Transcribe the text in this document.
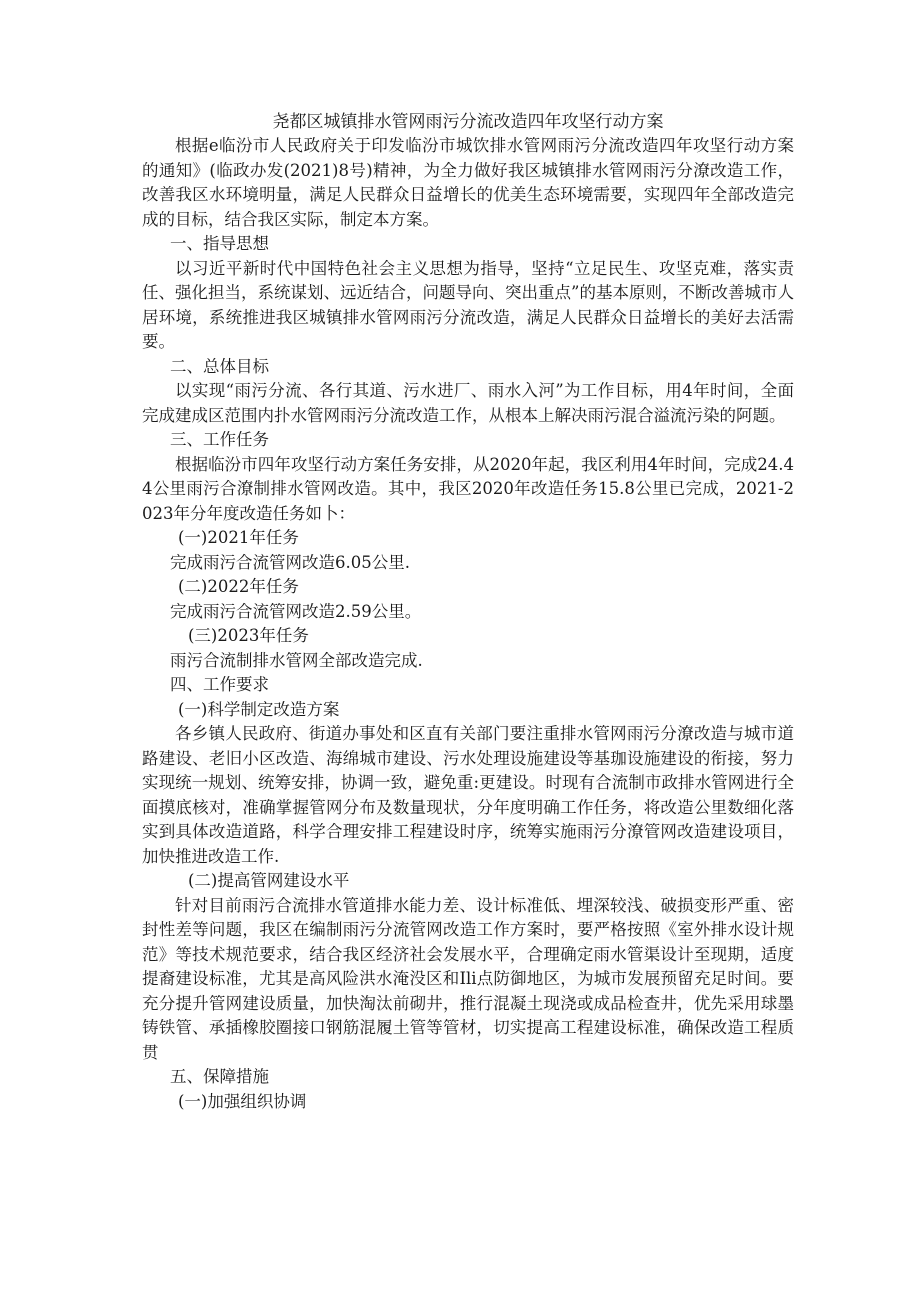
尧都区城镇排水管网雨污分流改造四年攻坚行动方案

根据e临汾市人民政府关于印发临汾市城饮排水管网雨污分流改造四年攻坚行动方案的通知》(临政办发(2021)8号)精神，为全力做好我区城镇排水管网雨污分潦改造工作，改善我区水环境明量，满足人民群众日益增长的优美生态环境需要，实现四年全部改造完成的目标，结合我区实际，制定本方案。

一、指导思想

以习近平新时代中国特色社会主义思想为指导，坚持“立足民生、攻坚克难，落实责任、强化担当，系统谋划、远近结合，问题导向、突出重点”的基本原则，不断改善城市人居环境，系统推进我区城镇排水管网雨污分流改造，满足人民群众日益增长的美好去活需要。

二、总体目标

以实现“雨污分流、各行其道、污水进厂、雨水入河”为工作目标，用4年时间，全面完成建成区范围内扑水管网雨污分流改造工作，从根本上解决雨污混合溢流污染的阿题。

三、工作任务

根据临汾市四年攻坚行动方案任务安排，从2020年起，我区利用4年时间，完成24.44公里雨污合潦制排水管网改造。其中，我区2020年改造任务15.8公里已完成，2021-2023年分年度改造任务如卜：

(一)2021年任务
完成雨污合流管网改造6.05公里.
(二)2022年任务
完成雨污合流管网改造2.59公里。
(三)2023年任务
雨污合流制排水管网全部改造完成.
四、工作要求
(一)科学制定改造方案

各乡镇人民政府、街道办事处和区直有关部门要注重排水管网雨污分潦改造与城市道路建设、老旧小区改造、海绵城市建设、污水处理设施建设等基珈设施建设的衔接，努力实现统一规划、统筹安排，协调一致，避免重:更建设。时现有合流制市政排水管网进行全面摸底核对，准确掌握管网分布及数量现状，分年度明确工作任务，将改造公里数细化落实到具体改造道路，科学合理安排工程建设时序，统筹实施雨污分潦管网改造建设项目，加快推进改造工作.

(二)提高管网建设水平

针对目前雨污合流排水管道排水能力差、设计标准低、埋深较浅、破损变形严重、密封性差等问题，我区在编制雨污分流管网改造工作方案时，要严格按照《室外排水设计规范》等技术规范要求，结合我区经济社会发展水平，合理确定雨水管渠设计至现期，适度提裔建设标准，尤其是高风险洪水淹没区和Ili点防御地区，为城市发展预留充足时间。要充分提升管网建设质量，加快淘汰前砌井，推行混凝土现浇或成品检查井，优先采用球墨铸铁管、承插橡胶圈接口钢筋混履土管等管材，切实提高工程建设标准，确保改造工程质贯

五、保障措施
(一)加强组织协调
